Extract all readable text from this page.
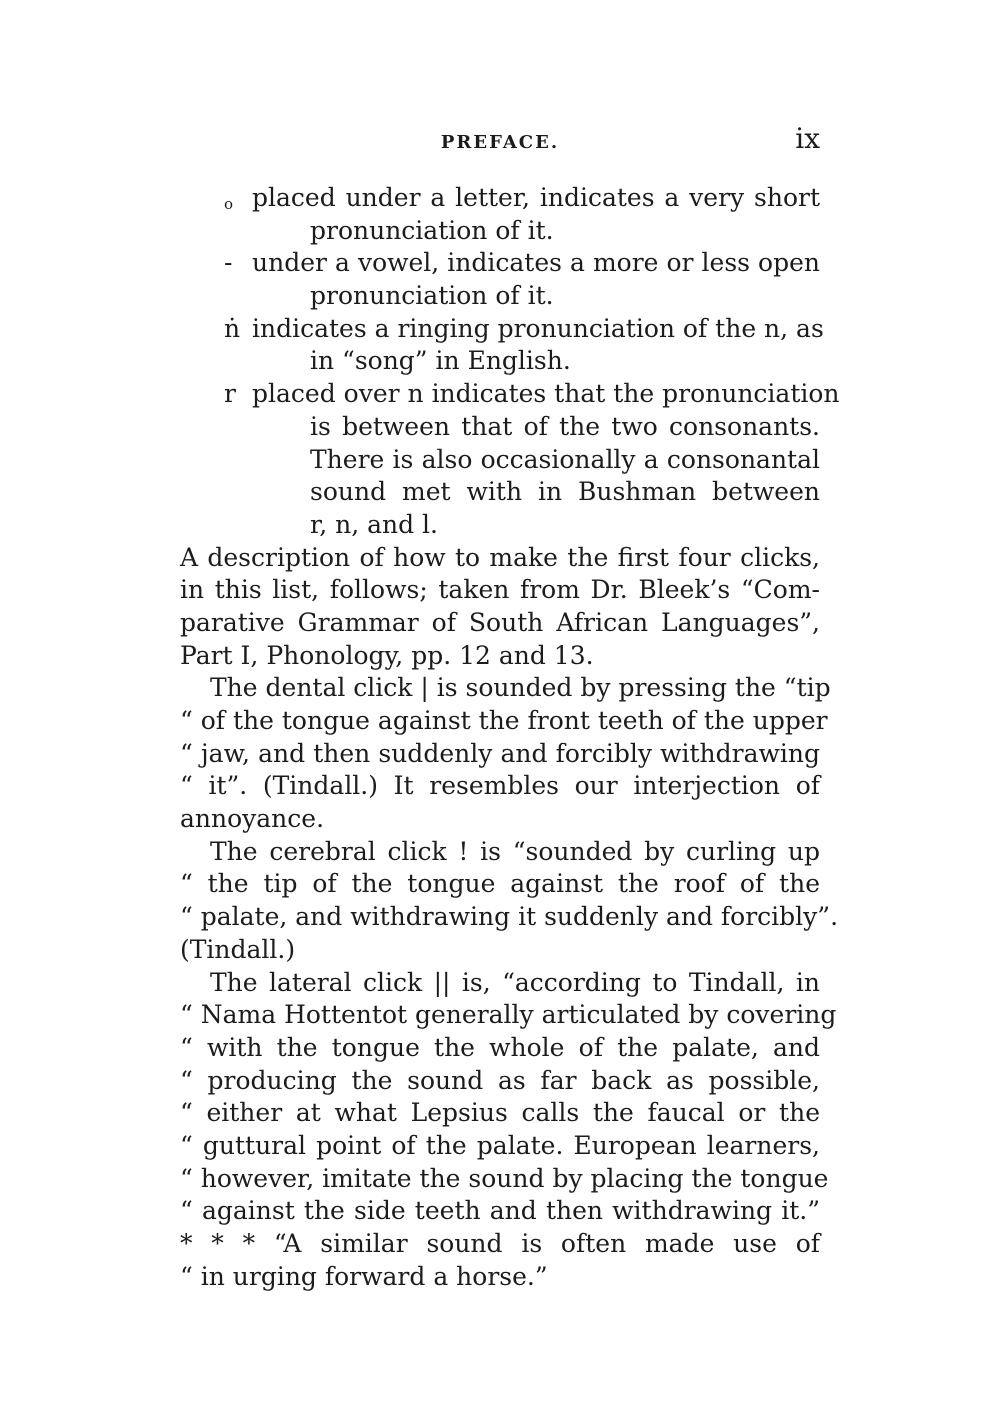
PREFACE.	ix
o placed under a letter, indicates a very short
pronunciation of it.
- under a vowel, indicates a more or less open
pronunciation of it.
ṅ indicates a ringing pronunciation of the n, as
in “song” in English.
r placed over n indicates that the pronunciation
is between that of the two consonants.
There is also occasionally a consonantal
sound met with in Bushman between
r, n, and l.
A description of how to make the first four clicks,
in this list, follows; taken from Dr. Bleek’s “Com-
parative Grammar of South African Languages”,
Part I, Phonology, pp. 12 and 13.
The dental click | is sounded by pressing the “tip
“ of the tongue against the front teeth of the upper
“ jaw, and then suddenly and forcibly withdrawing
“ it”. (Tindall.) It resembles our interjection of
annoyance.
The cerebral click ! is “sounded by curling up
“ the tip of the tongue against the roof of the
“ palate, and withdrawing it suddenly and forcibly”.
(Tindall.)
The lateral click || is, “according to Tindall, in
“ Nama Hottentot generally articulated by covering
“ with the tongue the whole of the palate, and
“ producing the sound as far back as possible,
“ either at what Lepsius calls the faucal or the
“ guttural point of the palate. European learners,
“ however, imitate the sound by placing the tongue
“ against the side teeth and then withdrawing it.”
* * * “A similar sound is often made use of
“ in urging forward a horse.”
